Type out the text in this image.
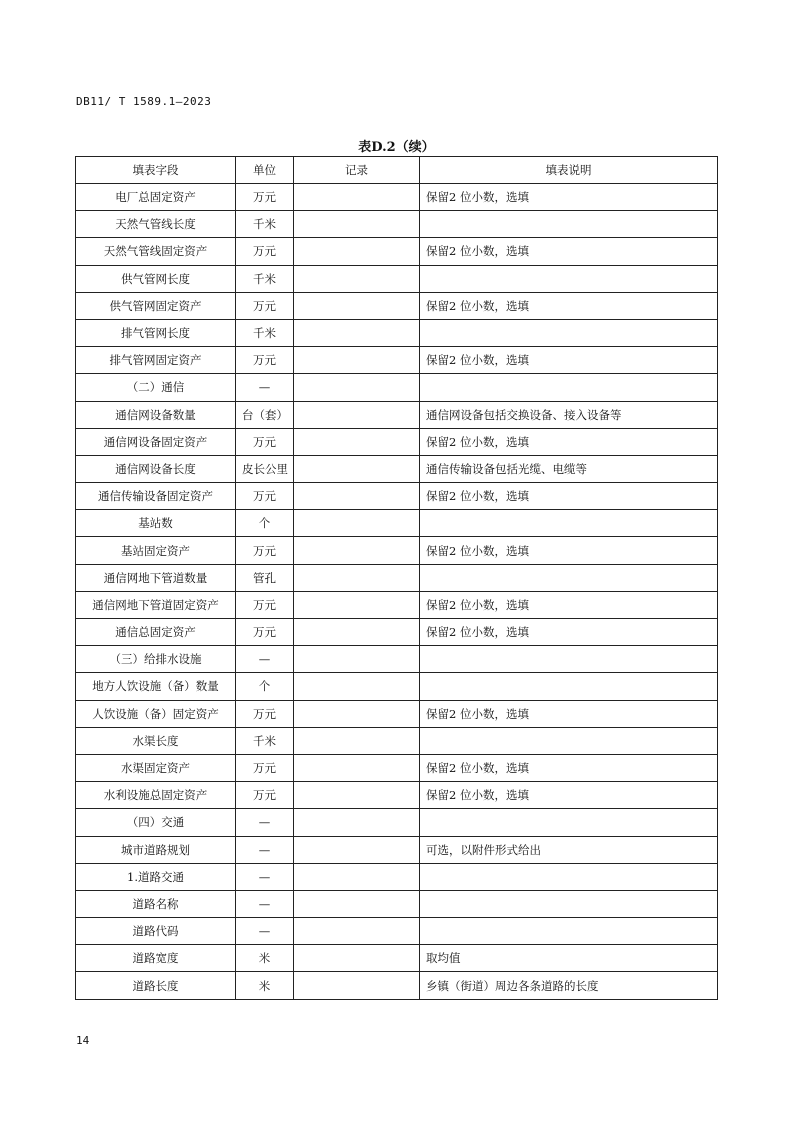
DB11/ T 1589.1—2023
表D.2（续）
填表字段	单位	记录	填表说明
电厂总固定资产	万元		保留2 位小数，选填
天然气管线长度	千米		
天然气管线固定资产	万元		保留2 位小数，选填
供气管网长度	千米		
供气管网固定资产	万元		保留2 位小数，选填
排气管网长度	千米		
排气管网固定资产	万元		保留2 位小数，选填
（二）通信	—		
通信网设备数量	台（套）		通信网设备包括交换设备、接入设备等
通信网设备固定资产	万元		保留2 位小数，选填
通信网设备长度	皮长公里		通信传输设备包括光缆、电缆等
通信传输设备固定资产	万元		保留2 位小数，选填
基站数	个		
基站固定资产	万元		保留2 位小数，选填
通信网地下管道数量	管孔		
通信网地下管道固定资产	万元		保留2 位小数，选填
通信总固定资产	万元		保留2 位小数，选填
（三）给排水设施	—		
地方人饮设施（备）数量	个		
人饮设施（备）固定资产	万元		保留2 位小数，选填
水渠长度	千米		
水渠固定资产	万元		保留2 位小数，选填
水利设施总固定资产	万元		保留2 位小数，选填
（四）交通	—		
城市道路规划	—		可选，以附件形式给出
1.道路交通	—		
道路名称	—		
道路代码	—		
道路宽度	米		取均值
道路长度	米		乡镇（街道）周边各条道路的长度
14
